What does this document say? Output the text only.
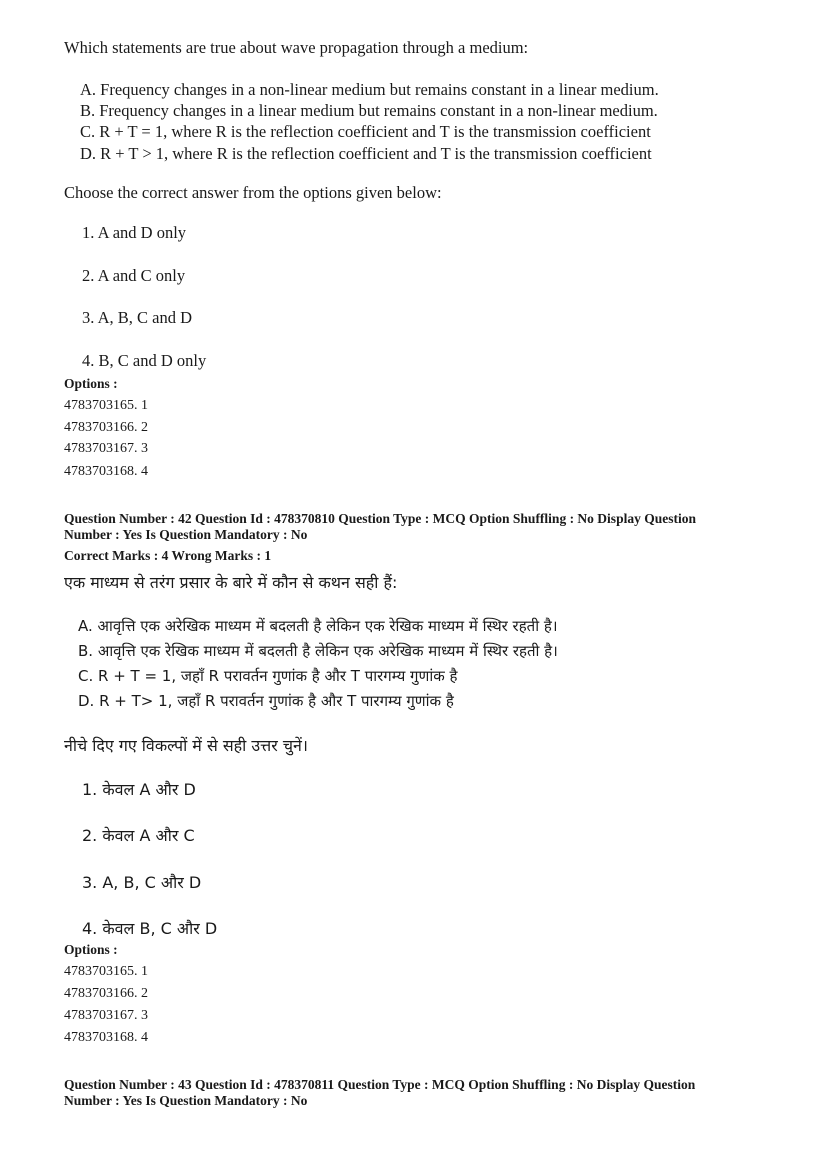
Which statements are true about wave propagation through a medium:
A. Frequency changes in a non-linear medium but remains constant in a linear medium.
B. Frequency changes in a linear medium but remains constant in a non-linear medium.
C. R + T = 1, where R is the reflection coefficient and T is the transmission coefficient
D. R + T > 1, where R is the reflection coefficient and T is the transmission coefficient
Choose the correct answer from the options given below:
1. A and D only
2. A and C only
3. A, B, C and D
4. B, C and D only
Options :
4783703165. 1
4783703166. 2
4783703167. 3
4783703168. 4
Question Number : 42 Question Id : 478370810 Question Type : MCQ Option Shuffling : No Display Question
Number : Yes Is Question Mandatory : No
Correct Marks : 4 Wrong Marks : 1
एक माध्यम से तरंग प्रसार के बारे में कौन से कथन सही हैं:
A. आवृत्ति एक अरेखिक माध्यम में बदलती है लेकिन एक रेखिक माध्यम में स्थिर रहती है।
B. आवृत्ति एक रेखिक माध्यम में बदलती है लेकिन एक अरेखिक माध्यम में स्थिर रहती है।
C. R + T = 1, जहाँ R परावर्तन गुणांक है और T पारगम्य गुणांक है
D. R + T> 1, जहाँ R परावर्तन गुणांक है और T पारगम्य गुणांक है
नीचे दिए गए विकल्पों में से सही उत्तर चुनें।
1. केवल A और D
2. केवल A और C
3. A, B, C और D
4. केवल B, C और D
Options :
4783703165. 1
4783703166. 2
4783703167. 3
4783703168. 4
Question Number : 43 Question Id : 478370811 Question Type : MCQ Option Shuffling : No Display Question
Number : Yes Is Question Mandatory : No
